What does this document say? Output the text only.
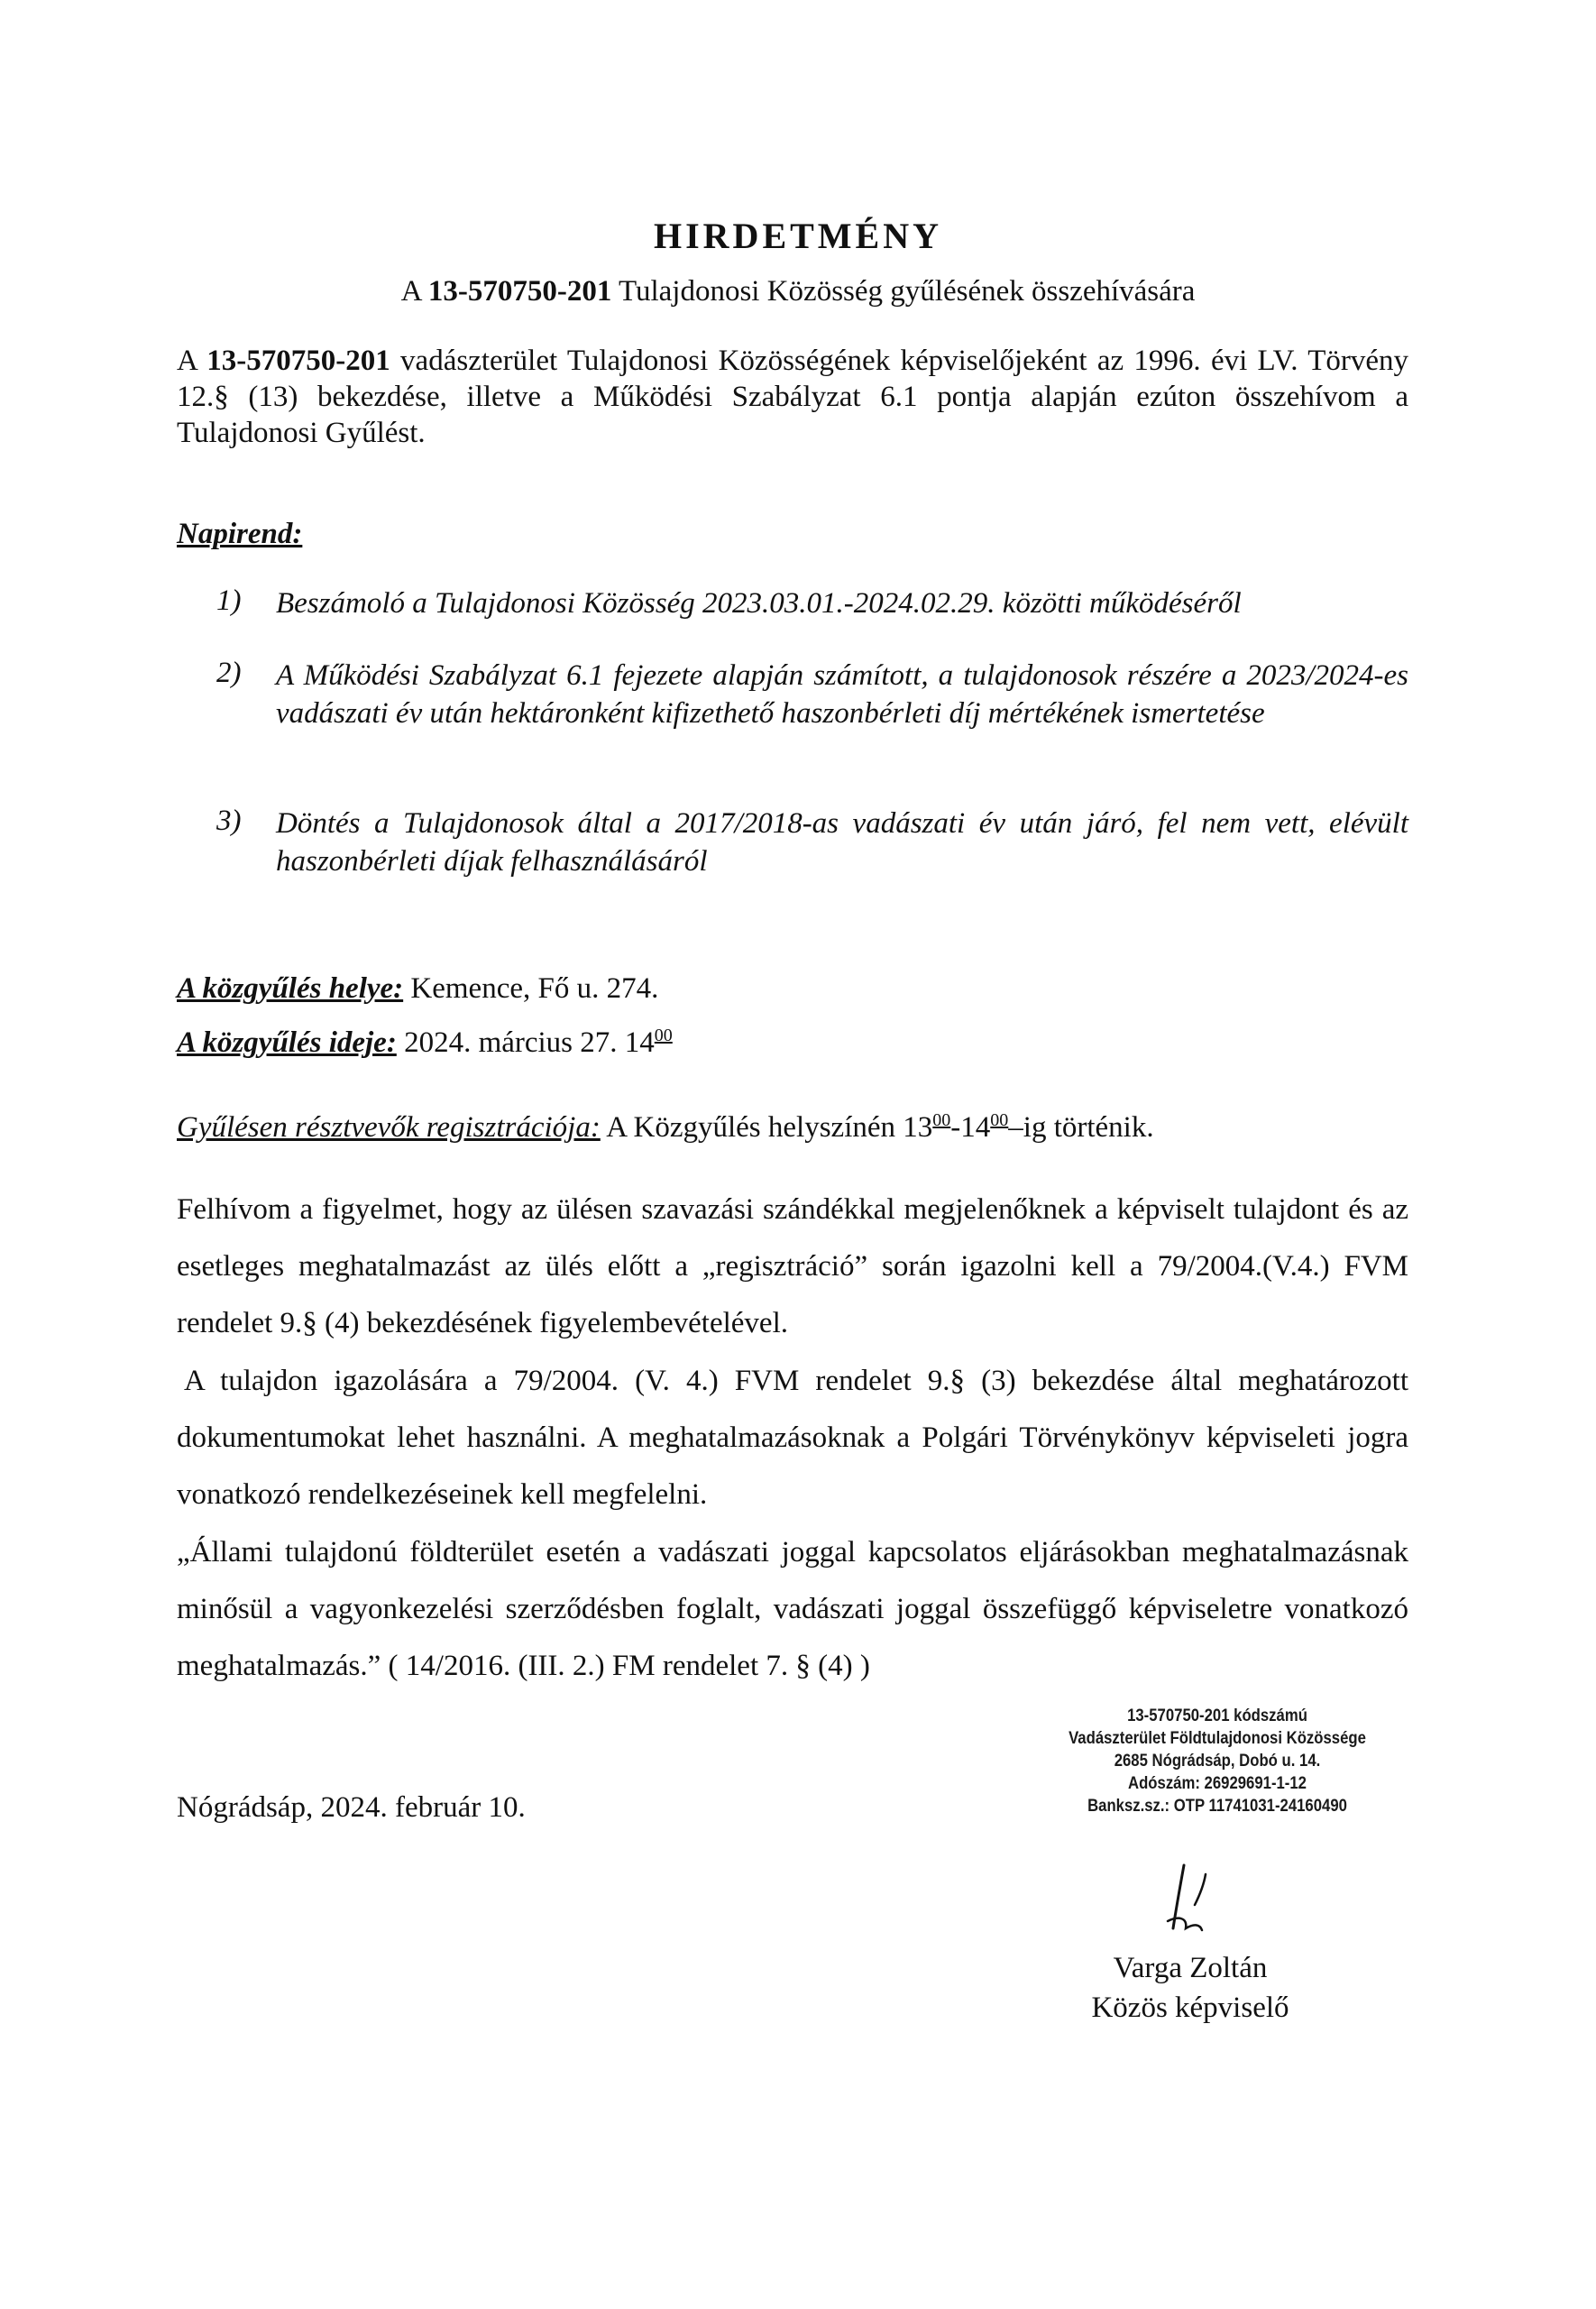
HIRDETMÉNY
A 13-570750-201 Tulajdonosi Közösség gyűlésének összehívására
A 13-570750-201 vadászterület Tulajdonosi Közösségének képviselőjeként az 1996. évi LV. Törvény 12.§ (13) bekezdése, illetve a Működési Szabályzat 6.1 pontja alapján ezúton összehívom a Tulajdonosi Gyűlést.
Napirend:
1) Beszámoló a Tulajdonosi Közösség 2023.03.01.-2024.02.29. közötti működéséről
2) A Működési Szabályzat 6.1 fejezete alapján számított, a tulajdonosok részére a 2023/2024-es vadászati év után hektáronként kifizethető haszonbérleti díj mértékének ismertetése
3) Döntés a Tulajdonosok által a 2017/2018-as vadászati év után járó, fel nem vett, elévült haszonbérleti díjak felhasználásáról
A közgyűlés helye: Kemence, Fő u. 274.
A közgyűlés ideje: 2024. március 27. $14^{00}$
Gyűlésen résztvevők regisztrációja: A Közgyűlés helyszínén $13^{00}-14^{00}-ig$ történik.
Felhívom a figyelmet, hogy az ülésen szavazási szándékkal megjelenőknek a képviselt tulajdont és az esetleges meghatalmazást az ülés előtt a „regisztráció” során igazolni kell a 79/2004.(V.4.) FVM rendelet 9.§ (4) bekezdésének figyelembevételével.
A tulajdon igazolására a 79/2004. (V. 4.) FVM rendelet 9.§ (3) bekezdése által meghatározott dokumentumokat lehet használni. A meghatalmazásoknak a Polgári Törvénykönyv képviseleti jogra vonatkozó rendelkezéseinek kell megfelelni.
„Állami tulajdonú földterület esetén a vadászati joggal kapcsolatos eljárásokban meghatalmazásnak minősül a vagyonkezelési szerződésben foglalt, vadászati joggal összefüggő képviseletre vonatkozó meghatalmazás.” ( 14/2016. (III. 2.) FM rendelet 7. § (4) )
Nógrádsáp, 2024. február 10.
13-570750-201 kódszámú
Vadászterület Földtulajdonosi Közössége
2685 Nógrádsáp, Dobó u. 14.
Adószám: 26929691-1-12
Banksz.sz.: OTP 11741031-24160490
Varga Zoltán
Közös képviselő
